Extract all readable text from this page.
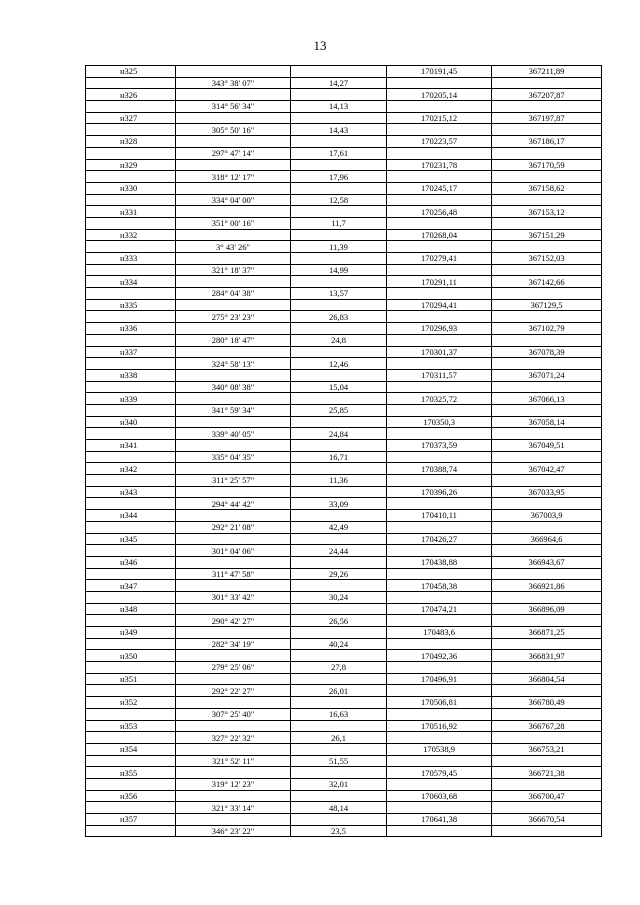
13
н325			170191,45	367211,89
	343° 38' 07"	14,27		
н326			170205,14	367207,87
	314° 56' 34"	14,13		
н327			170215,12	367197,87
	305° 50' 16"	14,43		
н328			170223,57	367186,17
	297° 47' 14"	17,61		
н329			170231,78	367170,59
	318° 12' 17"	17,96		
н330			170245,17	367158,62
	334° 04' 00"	12,58		
н331			170256,48	367153,12
	351° 00' 16"	11,7		
н332			170268,04	367151,29
	3° 43' 26"	11,39		
н333			170279,41	367152,03
	321° 18' 37"	14,99		
н334			170291,11	367142,66
	284° 04' 38"	13,57		
н335			170294,41	367129,5
	275° 23' 23"	26,83		
н336			170296,93	367102,79
	280° 18' 47"	24,8		
н337			170301,37	367078,39
	324° 58' 13"	12,46		
н338			170311,57	367071,24
	340° 08' 38"	15,04		
н339			170325,72	367066,13
	341° 59' 34"	25,85		
н340			170350,3	367058,14
	339° 40' 05"	24,84		
н341			170373,59	367049,51
	335° 04' 35"	16,71		
н342			170388,74	367042,47
	311° 25' 57"	11,36		
н343			170396,26	367033,95
	294° 44' 42"	33,09		
н344			170410,11	367003,9
	292° 21' 08"	42,49		
н345			170426,27	366964,6
	301° 04' 06"	24,44		
н346			170438,88	366943,67
	311° 47' 58"	29,26		
н347			170458,38	366921,86
	301° 33' 42"	30,24		
н348			170474,21	366896,09
	290° 42' 27"	26,56		
н349			170483,6	366871,25
	282° 34' 19"	40,24		
н350			170492,36	366831,97
	279° 25' 06"	27,8		
н351			170496,91	366804,54
	292° 22' 27"	26,01		
н352			170506,81	366780,49
	307° 25' 40"	16,63		
н353			170516,92	366767,28
	327° 22' 32"	26,1		
н354			170538,9	366753,21
	321° 52' 11"	51,55		
н355			170579,45	366721,38
	319° 12' 23"	32,01		
н356			170603,68	366700,47
	321° 33' 14"	48,14		
н357			170641,38	366670,54
	346° 23' 22"	23,5		
